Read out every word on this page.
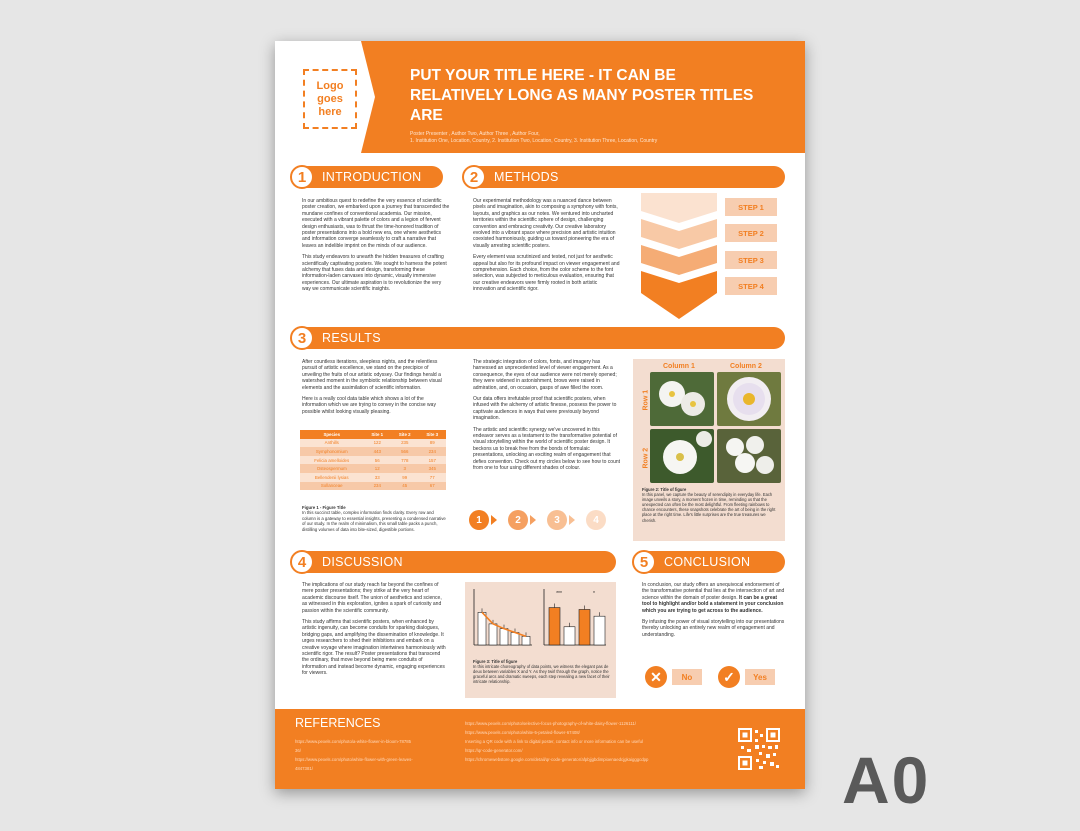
Logo goes here
PUT YOUR TITLE HERE - IT CAN BE RELATIVELY LONG AS MANY POSTER TITLES ARE
Poster Presenter , Author Two, Author Three , Author Four,
1. Institution One, Location, Country, 2. Institution Two, Location, Country, 3. Institution Three, Location, Country
1	INTRODUCTION

In our ambitious quest to redefine the very essence of scientific poster creation, we embarked upon a journey that transcended the mundane confines of conventional academia. Our mission, executed with a vibrant palette of colors and a legion of fervent design enthusiasts, was to thrust the time-honored tradition of poster presentations into a bold new era, one where aesthetics and information converge seamlessly to craft a narrative that leaves an indelible imprint on the minds of our audience.

This study endeavors to unearth the hidden treasures of crafting scientifically captivating posters. We sought to harness the potent alchemy that fuses data and design, transforming these information-laden canvases into dynamic, visually immersive experiences. Our ultimate aspiration is to revolutionize the very way we communicate scientific insights.

2	METHODS

Our experimental methodology was a nuanced dance between pixels and imagination, akin to composing a symphony with fonts, layouts, and graphics as our notes. We ventured into uncharted territories within the scientific sphere of design, challenging convention and embracing creativity. Our creative laboratory evolved into a vibrant space where precision and artistic intuition coexisted harmoniously, guiding us toward pioneering the era of visually arresting scientific posters.

Every element was scrutinized and tested, not just for aesthetic appeal but also for its profound impact on viewer engagement and comprehension. Each choice, from the color scheme to the font selection, was subjected to meticulous evaluation, ensuring that our creative endeavors were firmly rooted in both artistic innovation and scientific rigor.

STEP 1
STEP 2
STEP 3
STEP 4
3	RESULTS

After countless iterations, sleepless nights, and the relentless pursuit of artistic excellence, we stand on the precipice of unveiling the fruits of our artistic odyssey. Our findings herald a watershed moment in the symbiotic relationship between visual elements and the assimilation of scientific information.

Here is a really cool data table which shows a lot of the information which we are trying to convey in the concise way possible whilst looking visually pleasing.

Species	Site 1	Site 2	Site 3
Anthills	122	235	89
Symphonomium	443	566	234
Felicia amelloides	56	778	157
Osteospermum	12	3	345
Bellendenii lysias	33	99	77
Sollanceae	234	45	67
Figure 1 - Figure Title
In this succinct table, complex information finds clarity. Every row and column is a gateway to essential insights, presenting a condensed narrative of our study. In the realm of minimalism, this small table packs a punch, distilling volumes of data into bite-sized, digestible portions.

The strategic integration of colors, fonts, and imagery has harnessed an unprecedented level of viewer engagement. As a consequence, the eyes of our audience were not merely opened; they were widened in astonishment, brows were raised in admiration, and, on occasion, gasps of awe filled the room.

Our data offers irrefutable proof that scientific posters, when infused with the alchemy of artistic finesse, possess the power to captivate audiences in ways that were previously beyond imagination.

The artistic and scientific synergy we've uncovered in this endeavor serves as a testament to the transformative potential of visual storytelling within the world of scientific poster design. It beckons us to break free from the bonds of formulaic presentations, unlocking an exciting realm of engagement that defies convention. Check out my circles below to see how to count from one to four using different shades of colour.

1	2	3	4
Column 1	Column 2
Row 1
Row 2
Figure 2: Title of figure
In this panel, we capture the beauty of serendipity in everyday life. Each image unveils a story, a moment frozen in time, reminding us that the unexpected can often be the most delightful. From fleeting rainbows to chance encounters, these snapshots celebrate the art of being in the right place at the right time. Life's little surprises are the true treasures we cherish.
4	DISCUSSION

The implications of our study reach far beyond the confines of mere poster presentations; they strike at the very heart of academic discourse itself. The union of aesthetics and science, as witnessed in this exploration, ignites a spark of curiosity and passion within the scientific community.

This study affirms that scientific posters, when enhanced by artistic ingenuity, can become conduits for sparking dialogues, bridging gaps, and amplifying the dissemination of knowledge. It urges researchers to shed their inhibitions and embark on a creative voyage where imagination intertwines harmoniously with scientific rigor. The result? Poster presentations that transcend the ordinary, that move beyond being mere conduits of information and instead become dynamic, engaging experiences for viewers.

***	*
Figure 3: Title of figure
In this intricate choreography of data points, we witness the elegant pas de deux between variables X and Y. As they twirl through the graph, notice the graceful arcs and dramatic sweeps, each step revealing a new facet of their intricate relationship.
5	CONCLUSION

In conclusion, our study offers an unequivocal endorsement of the transformative potential that lies at the intersection of art and science within the domain of poster design. It can be a great tool to highlight and/or bold a statement in your conclusion which you are trying to get across to the audience.

By infusing the power of visual storytelling into our presentations thereby unlocking an entirely new realm of engagement and understanding.

✕	No	✓	Yes
REFERENCES
https://www.pexels.com/photo/a-white-flower-in-bloom-78785
36/
https://www.pexels.com/photo/white-flower-with-green-leaves-
4847381/
https://www.pexels.com/photo/selective-focus-photography-of-white-daisy-flower-1126111/
https://www.pexels.com/photo/white-5-petaled-flower-67408/
Inserting a QR code with a link to digital poster, contact info or more information can be useful
https://qr-code-generator.com/
https://chromewebstore.google.com/detail/qr-code-generator/afpbjjgbdimpioenaedcjgkaigggcdpp	A0
